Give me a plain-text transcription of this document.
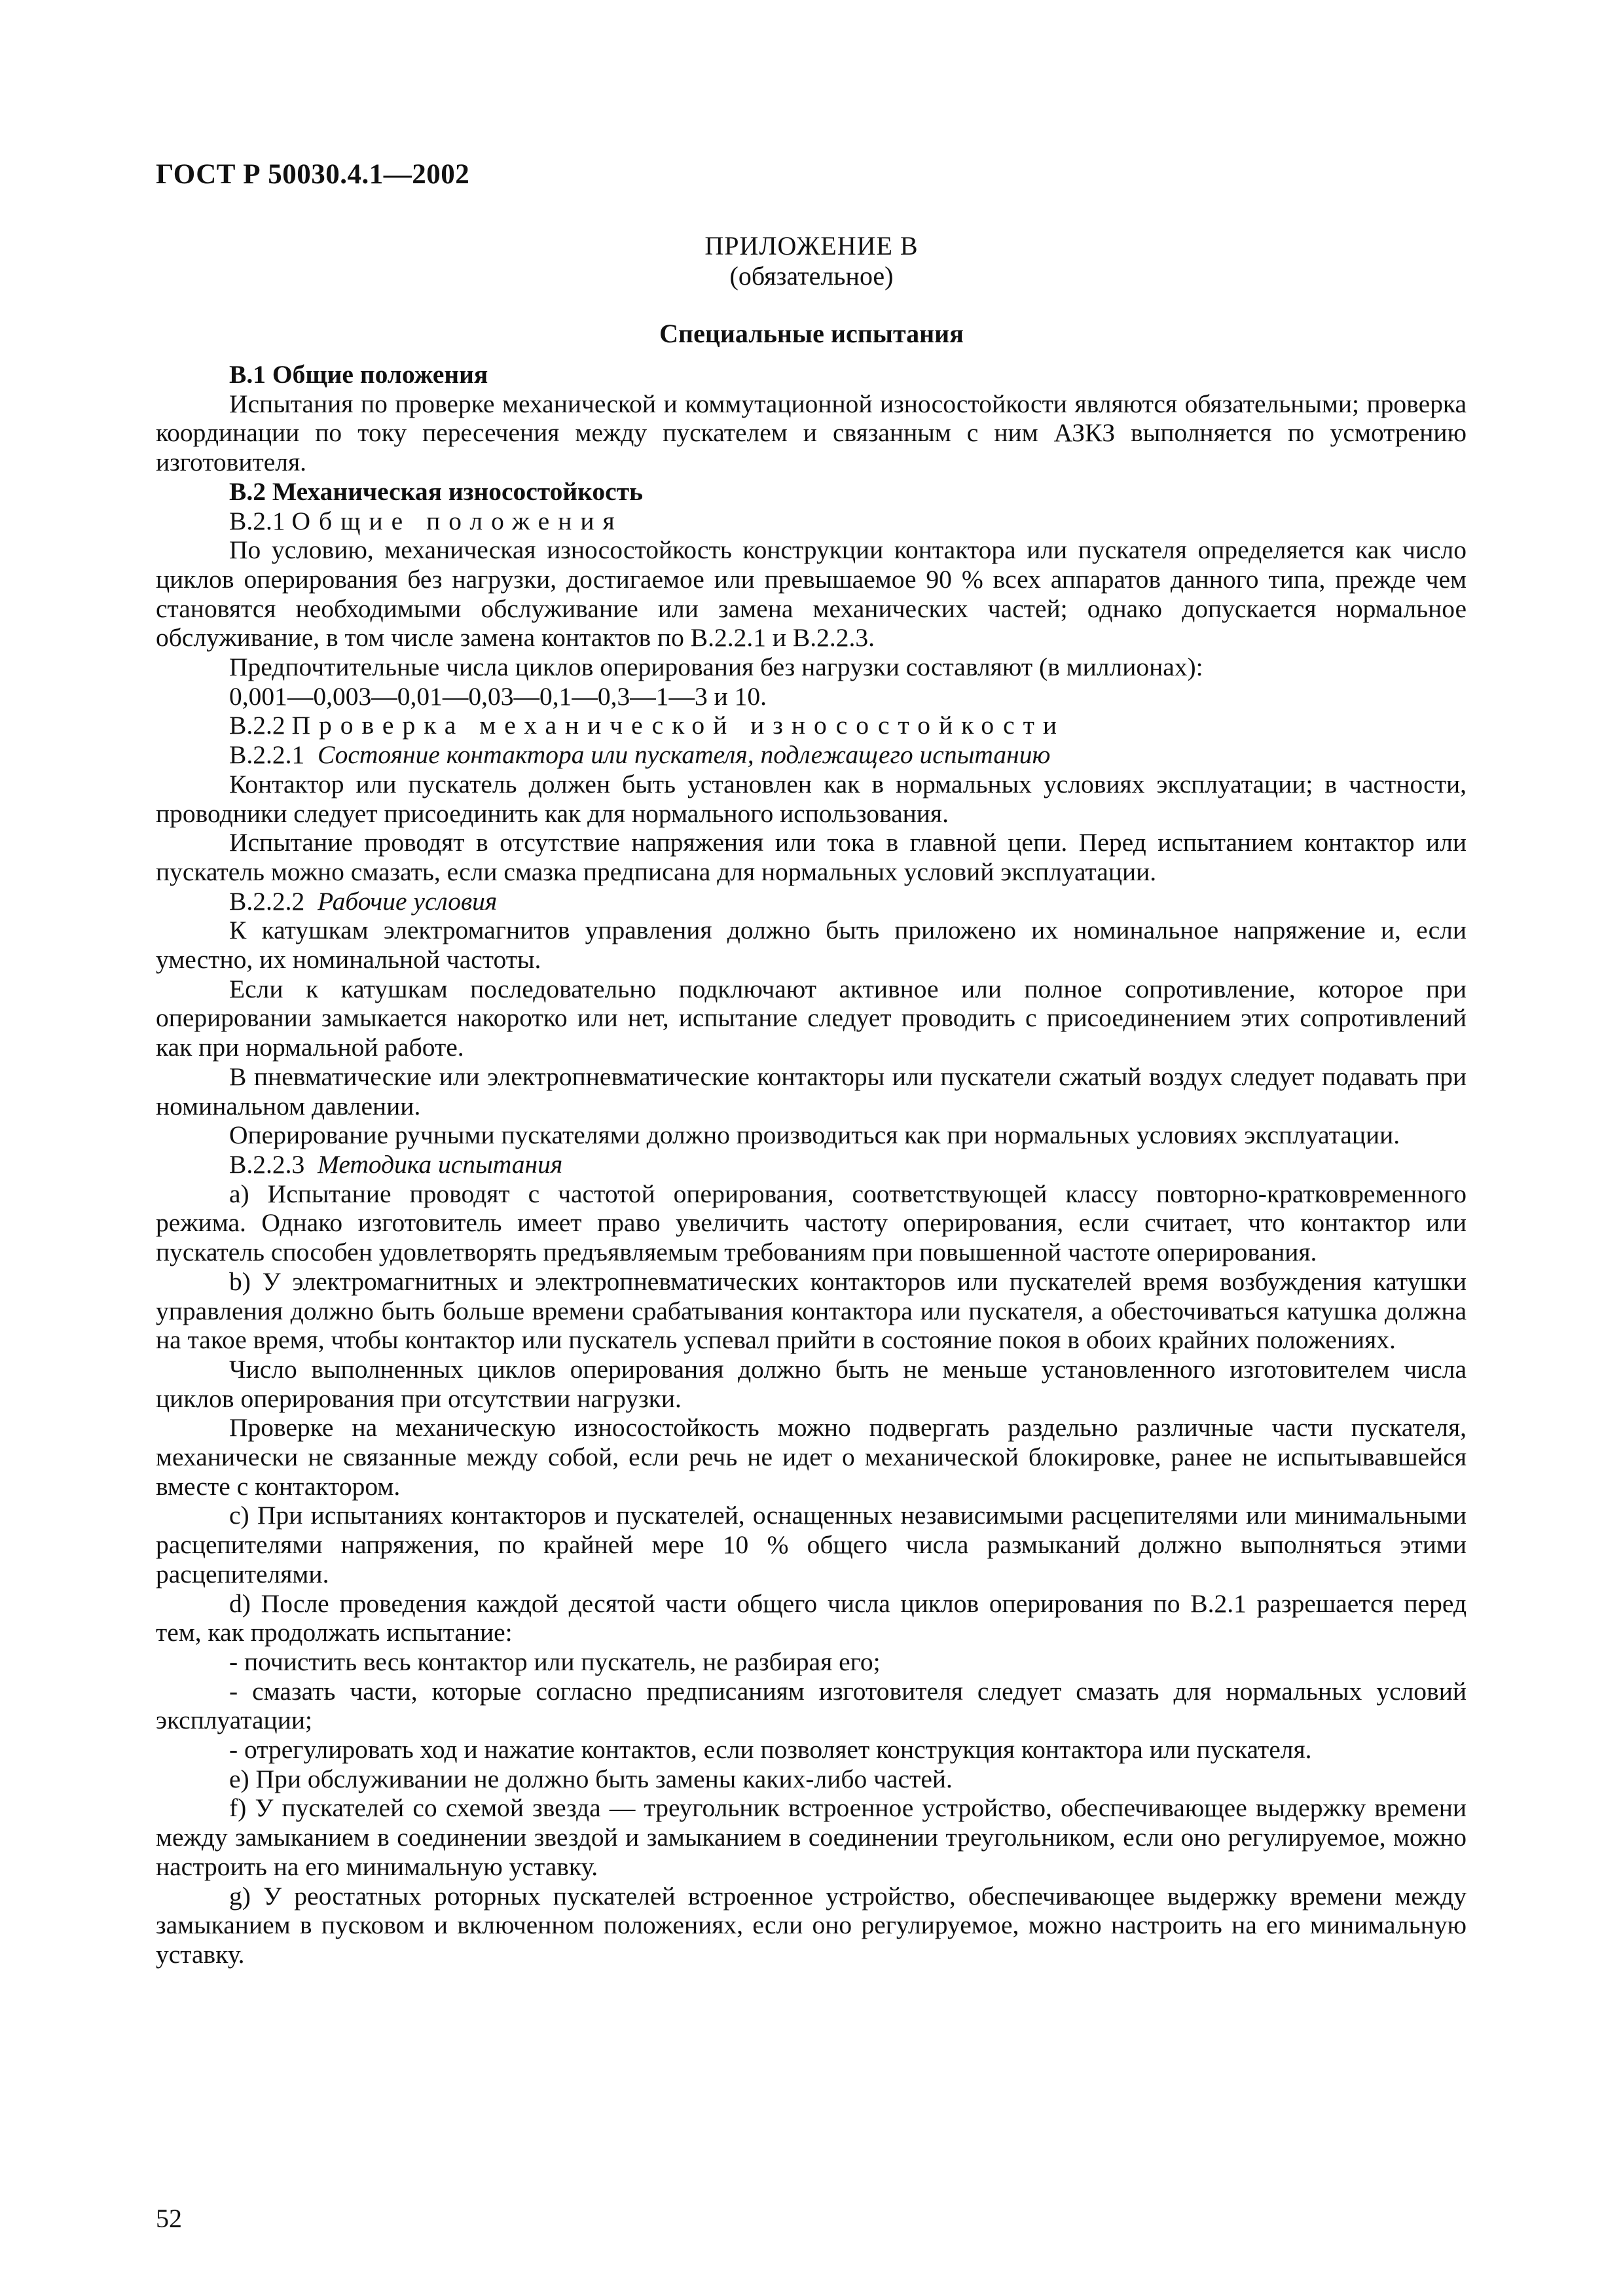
ГОСТ Р 50030.4.1—2002
ПРИЛОЖЕНИЕ В
(обязательное)
Специальные испытания

В.1 Общие положения

Испытания по проверке механической и коммутационной износостойкости являются обязательными; проверка координации по току пересечения между пускателем и связанным с ним АЗКЗ выполняется по усмотрению изготовителя.

В.2 Механическая износостойкость

В.2.1 Общие положения

По условию, механическая износостойкость конструкции контактора или пускателя определяется как число циклов оперирования без нагрузки, достигаемое или превышаемое 90 % всех аппаратов данного типа, прежде чем становятся необходимыми обслуживание или замена механических частей; однако допускается нормальное обслуживание, в том числе замена контактов по В.2.2.1 и В.2.2.3.

Предпочтительные числа циклов оперирования без нагрузки составляют (в миллионах):

0,001—0,003—0,01—0,03—0,1—0,3—1—3 и 10.

В.2.2 Проверка механической износостойкости

В.2.2.1 Состояние контактора или пускателя, подлежащего испытанию

Контактор или пускатель должен быть установлен как в нормальных условиях эксплуатации; в частности, проводники следует присоединить как для нормального использования.

Испытание проводят в отсутствие напряжения или тока в главной цепи. Перед испытанием контактор или пускатель можно смазать, если смазка предписана для нормальных условий эксплуатации.

В.2.2.2 Рабочие условия

К катушкам электромагнитов управления должно быть приложено их номинальное напряжение и, если уместно, их номинальной частоты.

Если к катушкам последовательно подключают активное или полное сопротивление, которое при оперировании замыкается накоротко или нет, испытание следует проводить с присоединением этих сопротивлений как при нормальной работе.

В пневматические или электропневматические контакторы или пускатели сжатый воздух следует подавать при номинальном давлении.

Оперирование ручными пускателями должно производиться как при нормальных условиях эксплуатации.

В.2.2.3 Методика испытания

а) Испытание проводят с частотой оперирования, соответствующей классу повторно-кратковременного режима. Однако изготовитель имеет право увеличить частоту оперирования, если считает, что контактор или пускатель способен удовлетворять предъявляемым требованиям при повышенной частоте оперирования.

b) У электромагнитных и электропневматических контакторов или пускателей время возбуждения катушки управления должно быть больше времени срабатывания контактора или пускателя, а обесточиваться катушка должна на такое время, чтобы контактор или пускатель успевал прийти в состояние покоя в обоих крайних положениях.

Число выполненных циклов оперирования должно быть не меньше установленного изготовителем числа циклов оперирования при отсутствии нагрузки.

Проверке на механическую износостойкость можно подвергать раздельно различные части пускателя, механически не связанные между собой, если речь не идет о механической блокировке, ранее не испытывавшейся вместе с контактором.

с) При испытаниях контакторов и пускателей, оснащенных независимыми расцепителями или минимальными расцепителями напряжения, по крайней мере 10 % общего числа размыканий должно выполняться этими расцепителями.

d) После проведения каждой десятой части общего числа циклов оперирования по В.2.1 разрешается перед тем, как продолжать испытание:

- почистить весь контактор или пускатель, не разбирая его;

- смазать части, которые согласно предписаниям изготовителя следует смазать для нормальных условий эксплуатации;

- отрегулировать ход и нажатие контактов, если позволяет конструкция контактора или пускателя.

е) При обслуживании не должно быть замены каких-либо частей.

f) У пускателей со схемой звезда — треугольник встроенное устройство, обеспечивающее выдержку времени между замыканием в соединении звездой и замыканием в соединении треугольником, если оно регулируемое, можно настроить на его минимальную уставку.

g) У реостатных роторных пускателей встроенное устройство, обеспечивающее выдержку времени между замыканием в пусковом и включенном положениях, если оно регулируемое, можно настроить на его минимальную уставку.

52
